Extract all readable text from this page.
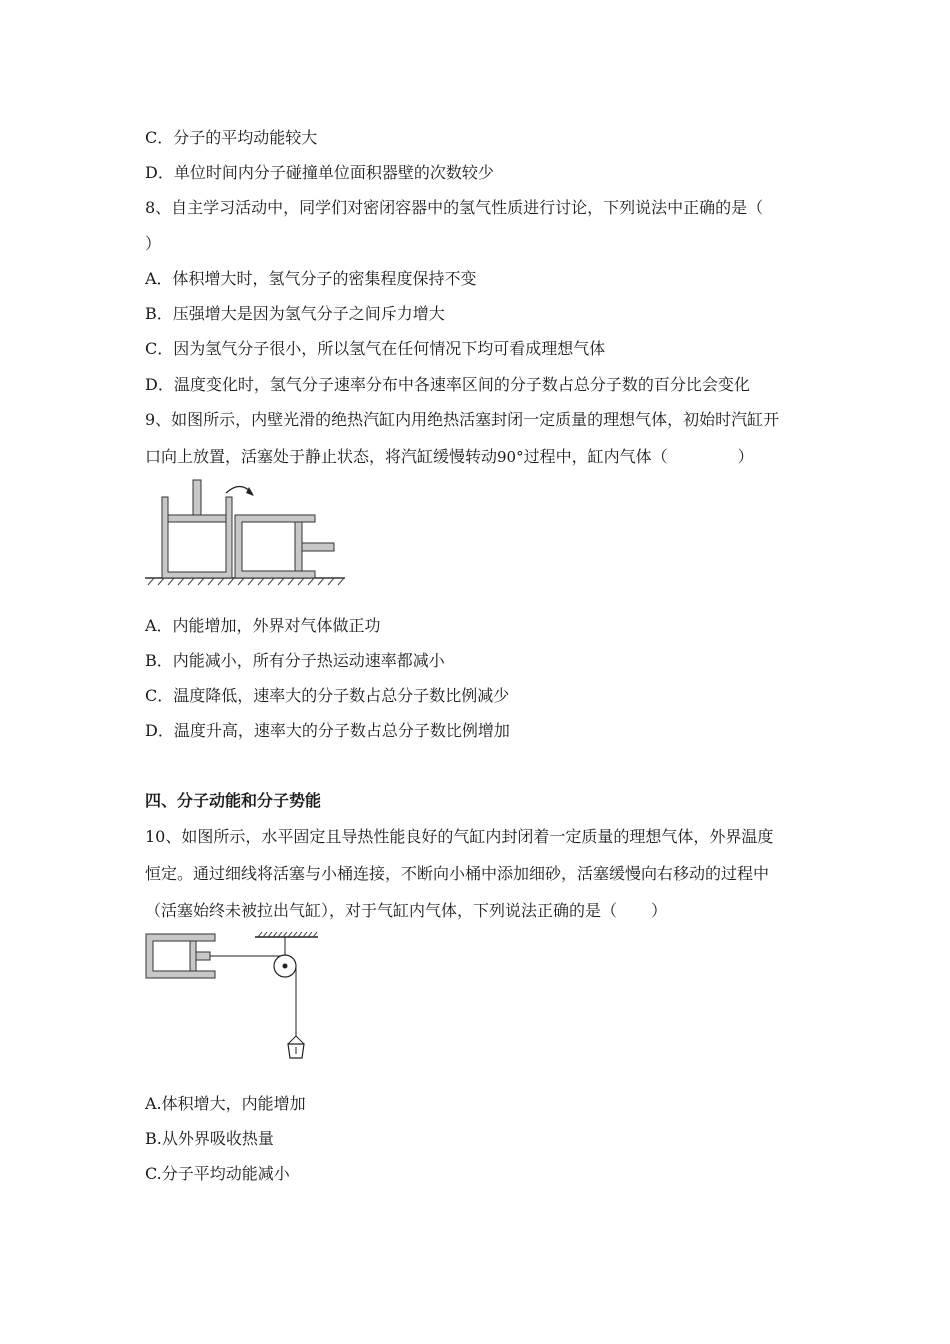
C．分子的平均动能较大
D．单位时间内分子碰撞单位面积器壁的次数较少
8、自主学习活动中，同学们对密闭容器中的氢气性质进行讨论，下列说法中正确的是（
）
A．体积增大时，氢气分子的密集程度保持不变
B．压强增大是因为氢气分子之间斥力增大
C．因为氢气分子很小，所以氢气在任何情况下均可看成理想气体
D．温度变化时，氢气分子速率分布中各速率区间的分子数占总分子数的百分比会变化
9、如图所示，内壁光滑的绝热汽缸内用绝热活塞封闭一定质量的理想气体，初始时汽缸开
口向上放置，活塞处于静止状态，将汽缸缓慢转动90°过程中，缸内气体（	）
A．内能增加，外界对气体做正功
B．内能减小，所有分子热运动速率都减小
C．温度降低，速率大的分子数占总分子数比例减少
D．温度升高，速率大的分子数占总分子数比例增加
四、分子动能和分子势能
10、如图所示，水平固定且导热性能良好的气缸内封闭着一定质量的理想气体，外界温度
恒定。通过细线将活塞与小桶连接，不断向小桶中添加细砂，活塞缓慢向右移动的过程中
（活塞始终未被拉出气缸），对于气缸内气体，下列说法正确的是（ ）
A.体积增大，内能增加
B.从外界吸收热量
C.分子平均动能减小
